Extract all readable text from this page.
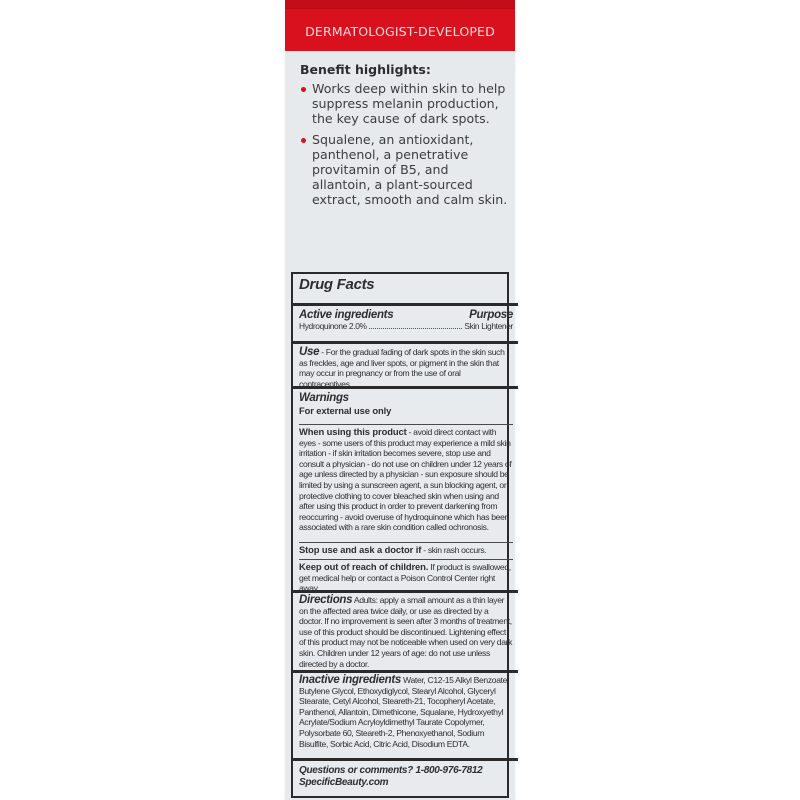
DERMATOLOGIST-DEVELOPED
Benefit highlights:
Works deep within skin to help suppress melanin production, the key cause of dark spots.
Squalene, an antioxidant, panthenol, a penetrative provitamin of B5, and allantoin, a plant-sourced extract, smooth and calm skin.
Drug Facts
Active ingredients	Purpose
Hydroquinone 2.0%	Skin Lightener
Use - For the gradual fading of dark spots in the skin such as freckles, age and liver spots, or pigment in the skin that may occur in pregnancy or from the use of oral contraceptives.
Warnings
For external use only
When using this product - avoid direct contact with eyes - some users of this product may experience a mild skin irritation - if skin irritation becomes severe, stop use and consult a physician - do not use on children under 12 years of age unless directed by a physician - sun exposure should be limited by using a sunscreen agent, a sun blocking agent, or protective clothing to cover bleached skin when using and after using this product in order to prevent darkening from reoccurring - avoid overuse of hydroquinone which has been associated with a rare skin condition called ochronosis.
Stop use and ask a doctor if - skin rash occurs.
Keep out of reach of children. If product is swallowed, get medical help or contact a Poison Control Center right away.
Directions Adults: apply a small amount as a thin layer on the affected area twice daily, or use as directed by a doctor. If no improvement is seen after 3 months of treatment, use of this product should be discontinued. Lightening effect of this product may not be noticeable when used on very dark skin. Children under 12 years of age: do not use unless directed by a doctor.
Inactive ingredients Water, C12-15 Alkyl Benzoate, Butylene Glycol, Ethoxydiglycol, Stearyl Alcohol, Glyceryl Stearate, Cetyl Alcohol, Steareth-21, Tocopheryl Acetate, Panthenol, Allantoin, Dimethicone, Squalane, Hydroxyethyl Acrylate/Sodium Acryloyldimethyl Taurate Copolymer, Polysorbate 60, Steareth-2, Phenoxyethanol, Sodium Bisulfite, Sorbic Acid, Citric Acid, Disodium EDTA.
Questions or comments? 1-800-976-7812
SpecificBeauty.com
